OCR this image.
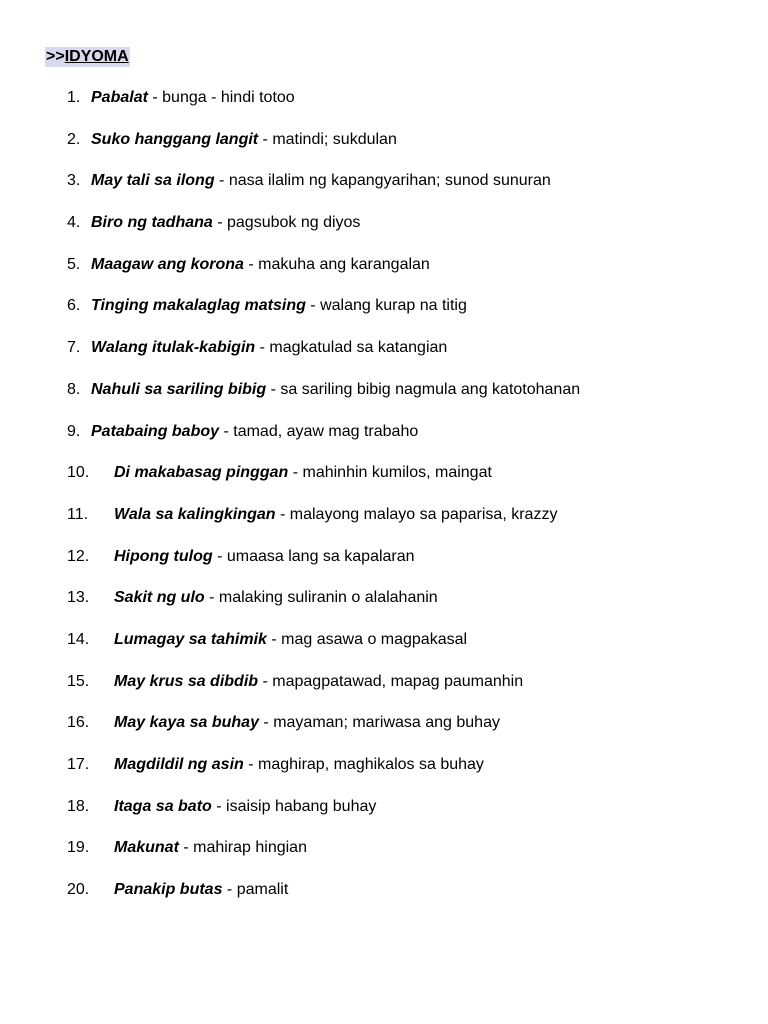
>>IDYOMA
1. Pabalat - bunga - hindi totoo
2. Suko hanggang langit - matindi; sukdulan
3. May tali sa ilong - nasa ilalim ng kapangyarihan; sunod sunuran
4. Biro ng tadhana - pagsubok ng diyos
5. Maagaw ang korona - makuha ang karangalan
6. Tinging makalaglag matsing - walang kurap na titig
7. Walang itulak-kabigin - magkatulad sa katangian
8. Nahuli sa sariling bibig - sa sariling bibig nagmula ang katotohanan
9. Patabaing baboy - tamad, ayaw mag trabaho
10. Di makabasag pinggan - mahinhin kumilos, maingat
11. Wala sa kalingkingan - malayong malayo sa paparisa, krazzy
12. Hipong tulog - umaasa lang sa kapalaran
13. Sakit ng ulo - malaking suliranin o alalahanin
14. Lumagay sa tahimik - mag asawa o magpakasal
15. May krus sa dibdib - mapagpatawad, mapag paumanhin
16. May kaya sa buhay - mayaman; mariwasa ang buhay
17. Magdildil ng asin - maghirap, maghikalos sa buhay
18. Itaga sa bato - isaisip habang buhay
19. Makunat - mahirap hingian
20. Panakip butas - pamalit
